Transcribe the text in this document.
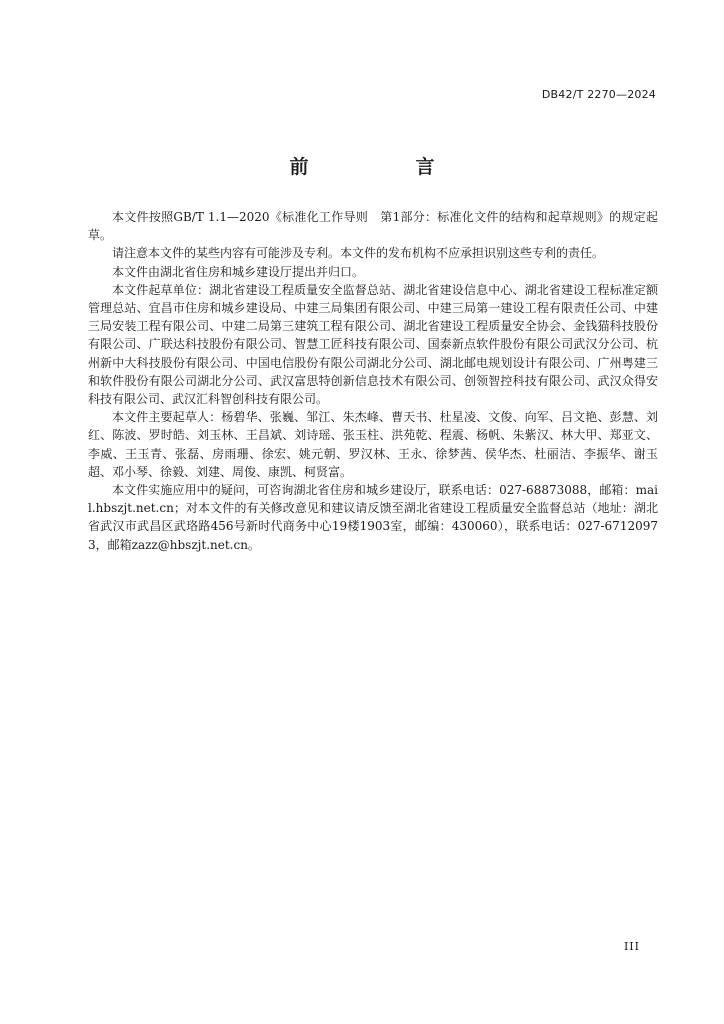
DB42/T 2270—2024
前　言

本文件按照GB/T 1.1—2020《标准化工作导则　第1部分：标准化文件的结构和起草规则》的规定起草。

请注意本文件的某些内容有可能涉及专利。本文件的发布机构不应承担识别这些专利的责任。

本文件由湖北省住房和城乡建设厅提出并归口。

本文件起草单位：湖北省建设工程质量安全监督总站、湖北省建设信息中心、湖北省建设工程标准定额管理总站、宜昌市住房和城乡建设局、中建三局集团有限公司、中建三局第一建设工程有限责任公司、中建三局安装工程有限公司、中建二局第三建筑工程有限公司、湖北省建设工程质量安全协会、金钱猫科技股份有限公司、广联达科技股份有限公司、智慧工匠科技有限公司、国泰新点软件股份有限公司武汉分公司、杭州新中大科技股份有限公司、中国电信股份有限公司湖北分公司、湖北邮电规划设计有限公司、广州粤建三和软件股份有限公司湖北分公司、武汉富思特创新信息技术有限公司、创领智控科技有限公司、武汉众得安科技有限公司、武汉汇科智创科技有限公司。

本文件主要起草人：杨碧华、张巍、邹江、朱杰峰、曹天书、杜星凌、文俊、向军、吕文艳、彭慧、刘红、陈波、罗时皓、刘玉林、王昌斌、刘诗瑶、张玉柱、洪苑乾、程震、杨帆、朱紫汉、林大甲、郑亚文、李威、王玉青、张磊、房雨珊、徐宏、姚元朝、罗汉林、王永、徐梦茜、侯华杰、杜丽洁、李振华、谢玉超、邓小琴、徐毅、刘建、周俊、康凯、柯贤富。

本文件实施应用中的疑问，可咨询湖北省住房和城乡建设厅，联系电话：027-68873088，邮箱：mail.hbszjt.net.cn；对本文件的有关修改意见和建议请反馈至湖北省建设工程质量安全监督总站（地址：湖北省武汉市武昌区武珞路456号新时代商务中心19楼1903室，邮编：430060），联系电话：027-67120973，邮箱zazz@hbszjt.net.cn。

III
